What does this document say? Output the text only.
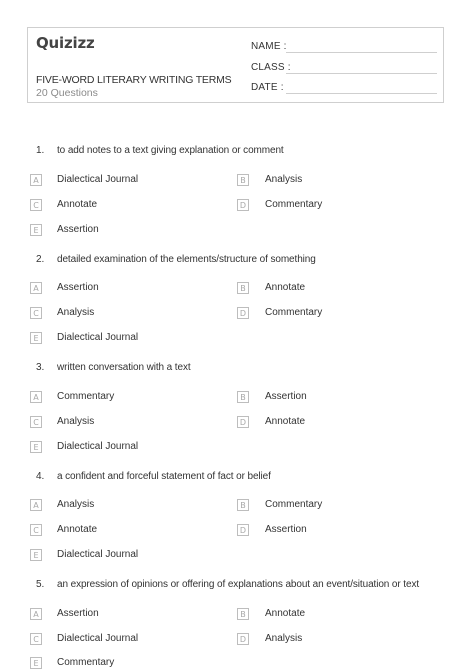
Quizizz
FIVE-WORD LITERARY WRITING TERMS
20 Questions
NAME :
CLASS :
DATE :
1. to add notes to a text giving explanation or comment
A	Dialectical Journal	B	Analysis
C	Annotate	D Commentary
E	Assertion
2. detailed examination of the elements/structure of something
A	Assertion	B	Annotate
C	Analysis	D Commentary
E	Dialectical Journal
3. written conversation with a text
A	Commentary	B	Assertion
C	Analysis	D Annotate
E	Dialectical Journal
4. a confident and forceful statement of fact or belief
A	Analysis	B	Commentary
C	Annotate	D Assertion
E	Dialectical Journal
5. an expression of opinions or offering of explanations about an event/situation or text
A	Assertion	B	Annotate
C	Dialectical Journal	D Analysis
E	Commentary
